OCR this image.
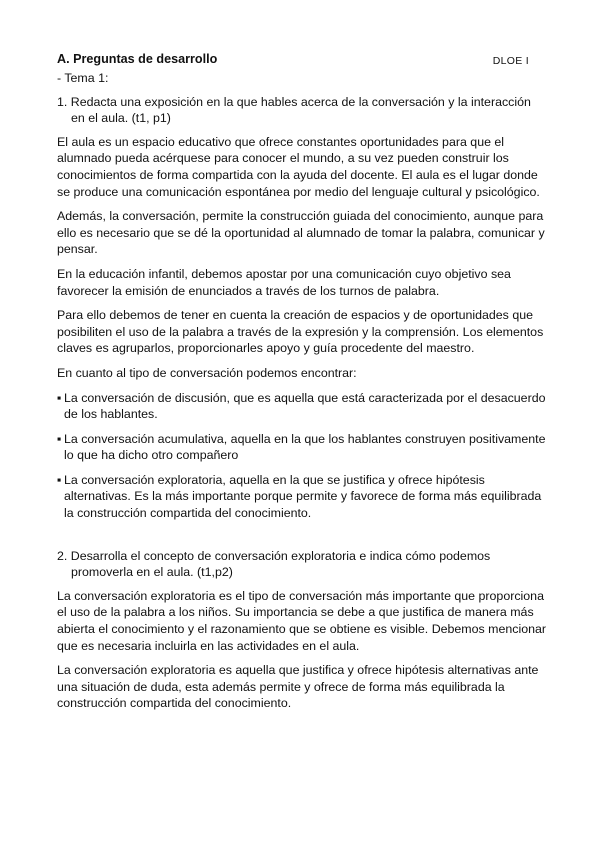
A. Preguntas de desarrollo	DLOE I
- Tema 1:

1. Redacta una exposición en la que hables acerca de la conversación y la interacción en el aula. (t1, p1)

El aula es un espacio educativo que ofrece constantes oportunidades para que el alumnado pueda acérquese para conocer el mundo, a su vez pueden construir los conocimientos de forma compartida con la ayuda del docente. El aula es el lugar donde se produce una comunicación espontánea por medio del lenguaje cultural y psicológico.

Además, la conversación, permite la construcción guiada del conocimiento, aunque para ello es necesario que se dé la oportunidad al alumnado de tomar la palabra, comunicar y pensar.

En la educación infantil, debemos apostar por una comunicación cuyo objetivo sea favorecer la emisión de enunciados a través de los turnos de palabra.

Para ello debemos de tener en cuenta la creación de espacios y de oportunidades que posibiliten el uso de la palabra a través de la expresión y la comprensión. Los elementos claves es agruparlos, proporcionarles apoyo y guía procedente del maestro.

En cuanto al tipo de conversación podemos encontrar:

▪ La conversación de discusión, que es aquella que está caracterizada por el desacuerdo de los hablantes.
▪ La conversación acumulativa, aquella en la que los hablantes construyen positivamente lo que ha dicho otro compañero
▪ La conversación exploratoria, aquella en la que se justifica y ofrece hipótesis alternativas. Es la más importante porque permite y favorece de forma más equilibrada la construcción compartida del conocimiento.

2. Desarrolla el concepto de conversación exploratoria e indica cómo podemos promoverla en el aula. (t1,p2)

La conversación exploratoria es el tipo de conversación más importante que proporciona el uso de la palabra a los niños. Su importancia se debe a que justifica de manera más abierta el conocimiento y el razonamiento que se obtiene es visible. Debemos mencionar que es necesaria incluirla en las actividades en el aula.

La conversación exploratoria es aquella que justifica y ofrece hipótesis alternativas ante una situación de duda, esta además permite y ofrece de forma más equilibrada la construcción compartida del conocimiento.
